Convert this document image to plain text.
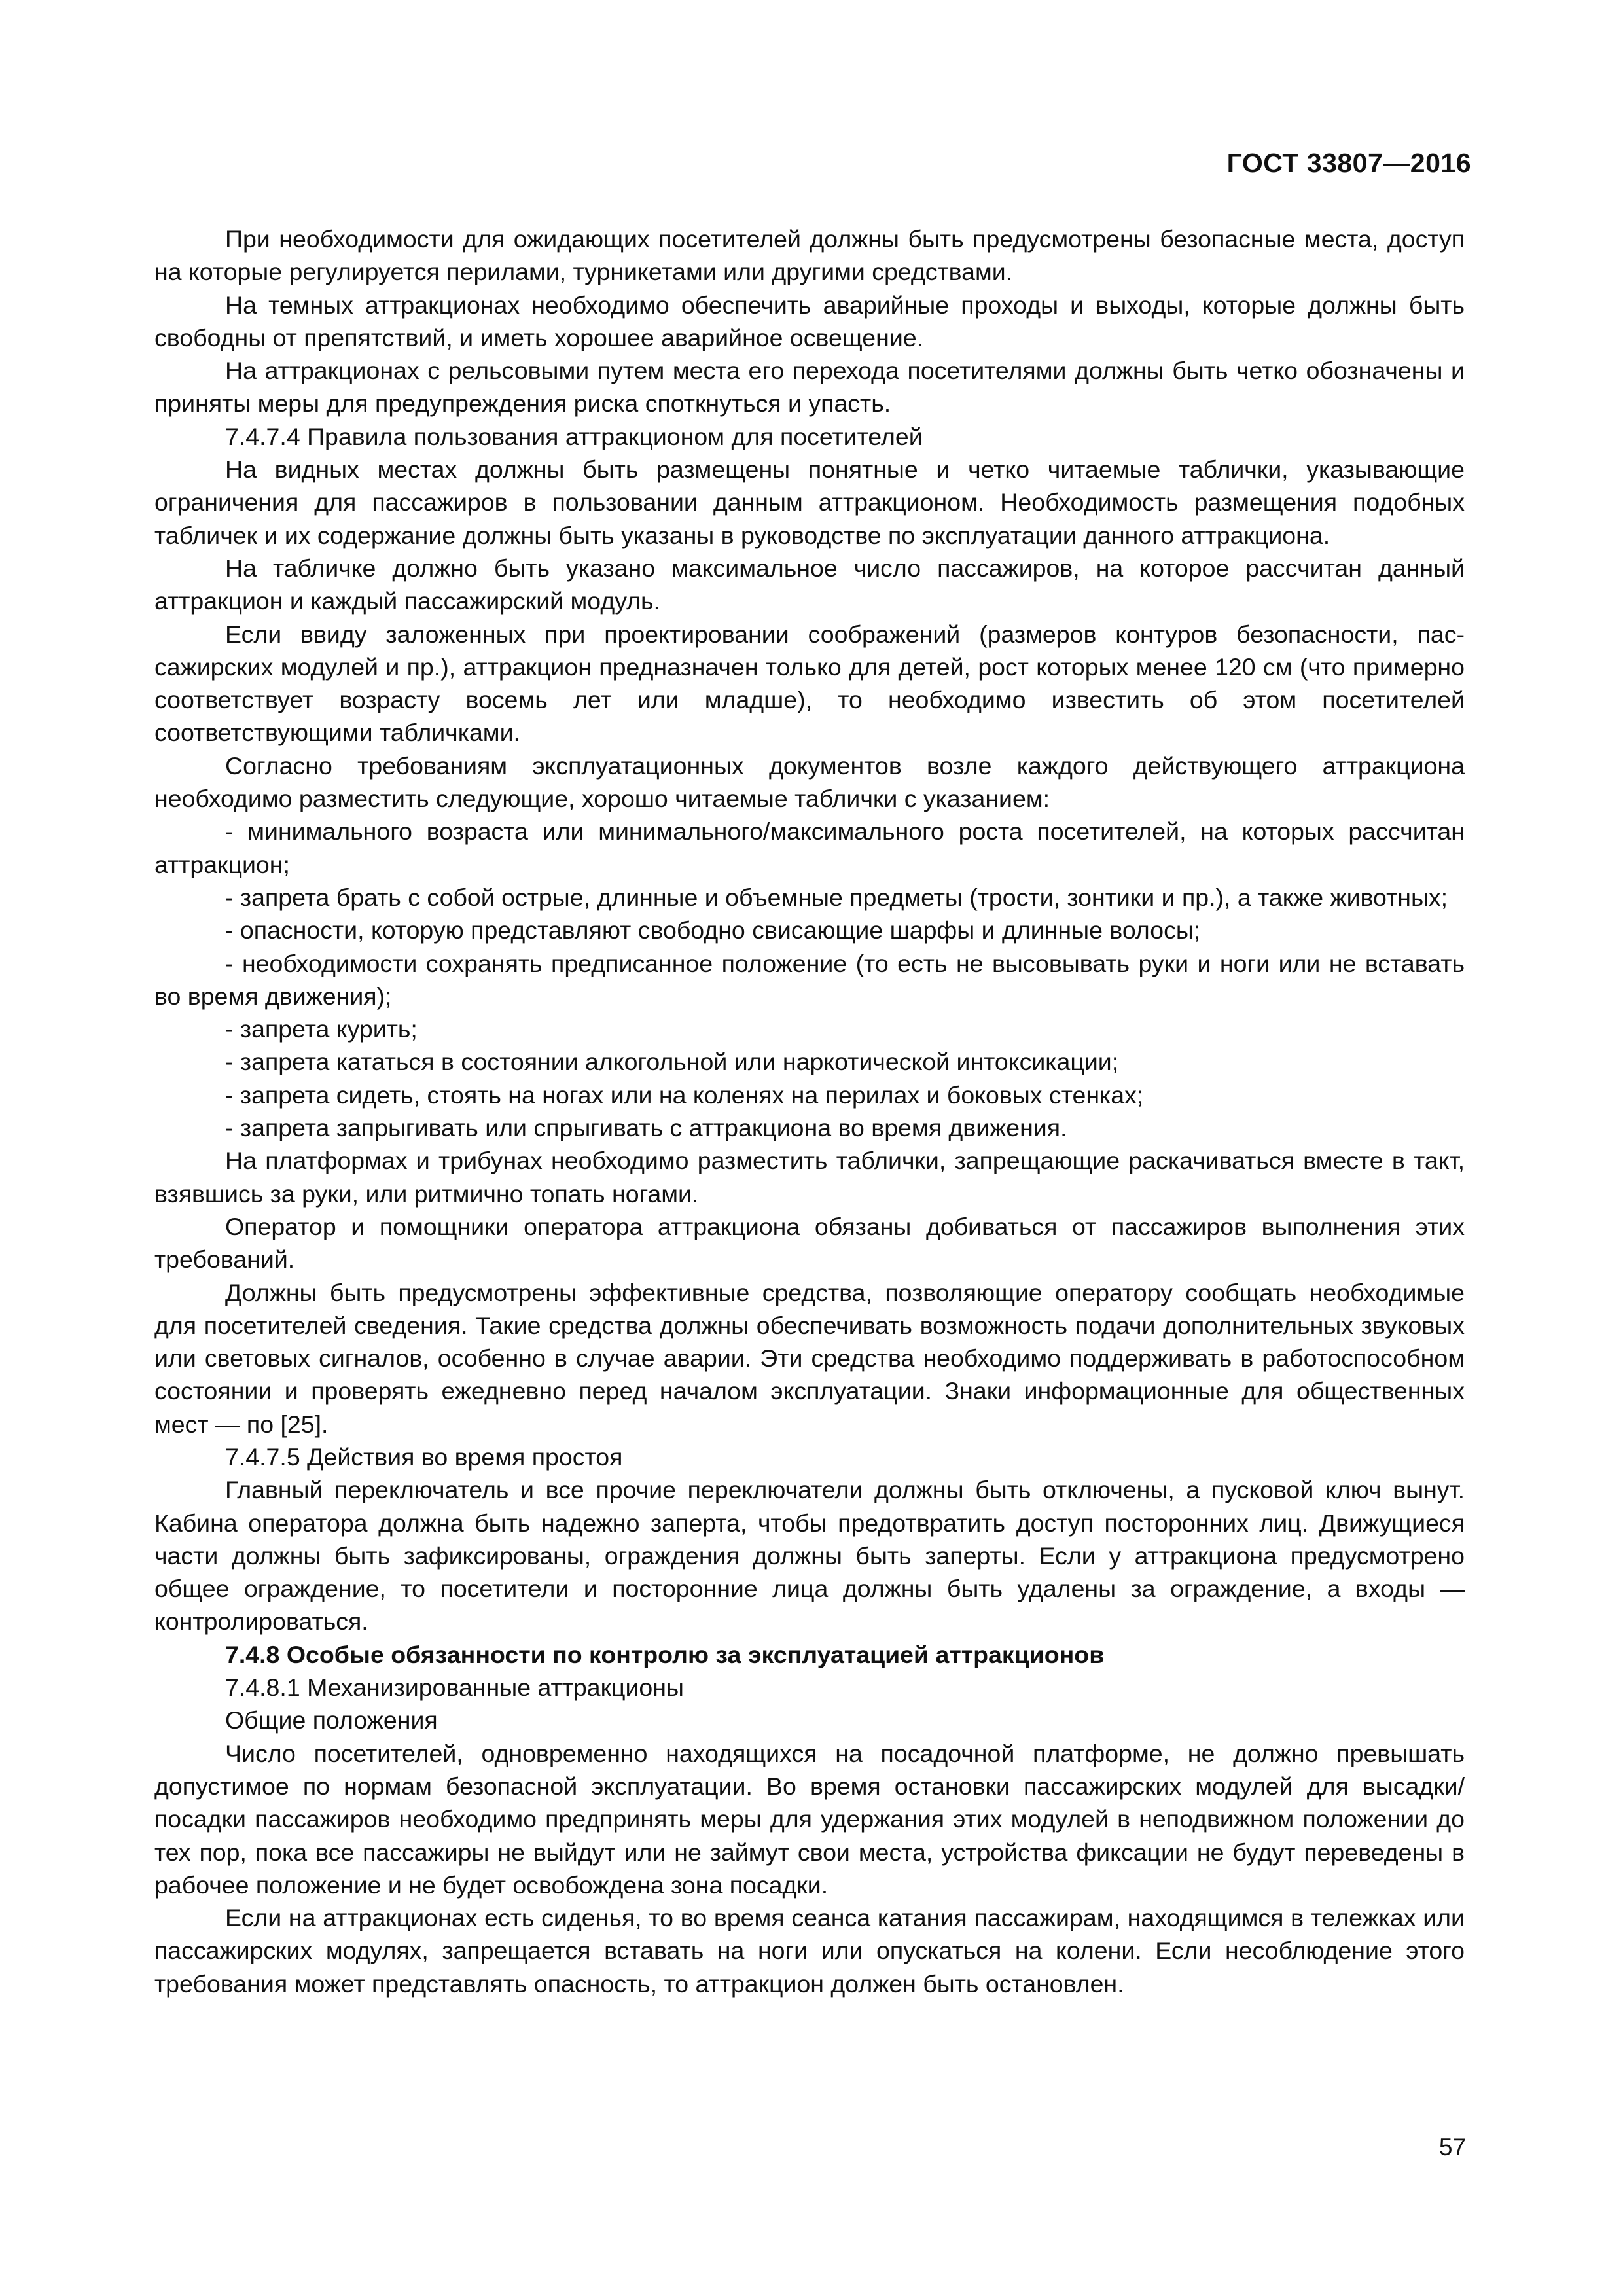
ГОСТ 33807—2016

При необходимости для ожидающих посетителей должны быть предусмотрены безопасные места, доступ на которые регулируется перилами, турникетами или другими средствами.

На темных аттракционах необходимо обеспечить аварийные проходы и выходы, которые должны быть свободны от препятствий, и иметь хорошее аварийное освещение.

На аттракционах с рельсовыми путем места его перехода посетителями должны быть четко обозначены и приняты меры для предупреждения риска споткнуться и упасть.

7.4.7.4 Правила пользования аттракционом для посетителей

На видных местах должны быть размещены понятные и четко читаемые таблички, указывающие ограничения для пассажиров в пользовании данным аттракционом. Необходимость размещения подобных табличек и их содержание должны быть указаны в руководстве по эксплуатации данного аттракциона.

На табличке должно быть указано максимальное число пассажиров, на которое рассчитан данный аттракцион и каждый пассажирский модуль.

Если ввиду заложенных при проектировании соображений (размеров контуров безопасности, пассажирских модулей и пр.), аттракцион предназначен только для детей, рост которых менее 120 см (что примерно соответствует возрасту восемь лет или младше), то необходимо известить об этом посетителей соответствующими табличками.

Согласно требованиям эксплуатационных документов возле каждого действующего аттракциона необходимо разместить следующие, хорошо читаемые таблички с указанием:

- минимального возраста или минимального/максимального роста посетителей, на которых рассчитан аттракцион;

- запрета брать с собой острые, длинные и объемные предметы (трости, зонтики и пр.), а также животных;

- опасности, которую представляют свободно свисающие шарфы и длинные волосы;

- необходимости сохранять предписанное положение (то есть не высовывать руки и ноги или не вставать во время движения);

- запрета курить;

- запрета кататься в состоянии алкогольной или наркотической интоксикации;

- запрета сидеть, стоять на ногах или на коленях на перилах и боковых стенках;

- запрета запрыгивать или спрыгивать с аттракциона во время движения.

На платформах и трибунах необходимо разместить таблички, запрещающие раскачиваться вместе в такт, взявшись за руки, или ритмично топать ногами.

Оператор и помощники оператора аттракциона обязаны добиваться от пассажиров выполнения этих требований.

Должны быть предусмотрены эффективные средства, позволяющие оператору сообщать необходимые для посетителей сведения. Такие средства должны обеспечивать возможность подачи дополнительных звуковых или световых сигналов, особенно в случае аварии. Эти средства необходимо поддерживать в работоспособном состоянии и проверять ежедневно перед началом эксплуатации. Знаки информационные для общественных мест — по [25].

7.4.7.5 Действия во время простоя

Главный переключатель и все прочие переключатели должны быть отключены, а пусковой ключ вынут. Кабина оператора должна быть надежно заперта, чтобы предотвратить доступ посторонних лиц. Движущиеся части должны быть зафиксированы, ограждения должны быть заперты. Если у аттракциона предусмотрено общее ограждение, то посетители и посторонние лица должны быть удалены за ограждение, а входы — контролироваться.

7.4.8 Особые обязанности по контролю за эксплуатацией аттракционов

7.4.8.1 Механизированные аттракционы

Общие положения

Число посетителей, одновременно находящихся на посадочной платформе, не должно превышать допустимое по нормам безопасной эксплуатации. Во время остановки пассажирских модулей для высадки/посадки пассажиров необходимо предпринять меры для удержания этих модулей в неподвижном положении до тех пор, пока все пассажиры не выйдут или не займут свои места, устройства фиксации не будут переведены в рабочее положение и не будет освобождена зона посадки.

Если на аттракционах есть сиденья, то во время сеанса катания пассажирам, находящимся в тележках или пассажирских модулях, запрещается вставать на ноги или опускаться на колени. Если несоблюдение этого требования может представлять опасность, то аттракцион должен быть остановлен.

57
